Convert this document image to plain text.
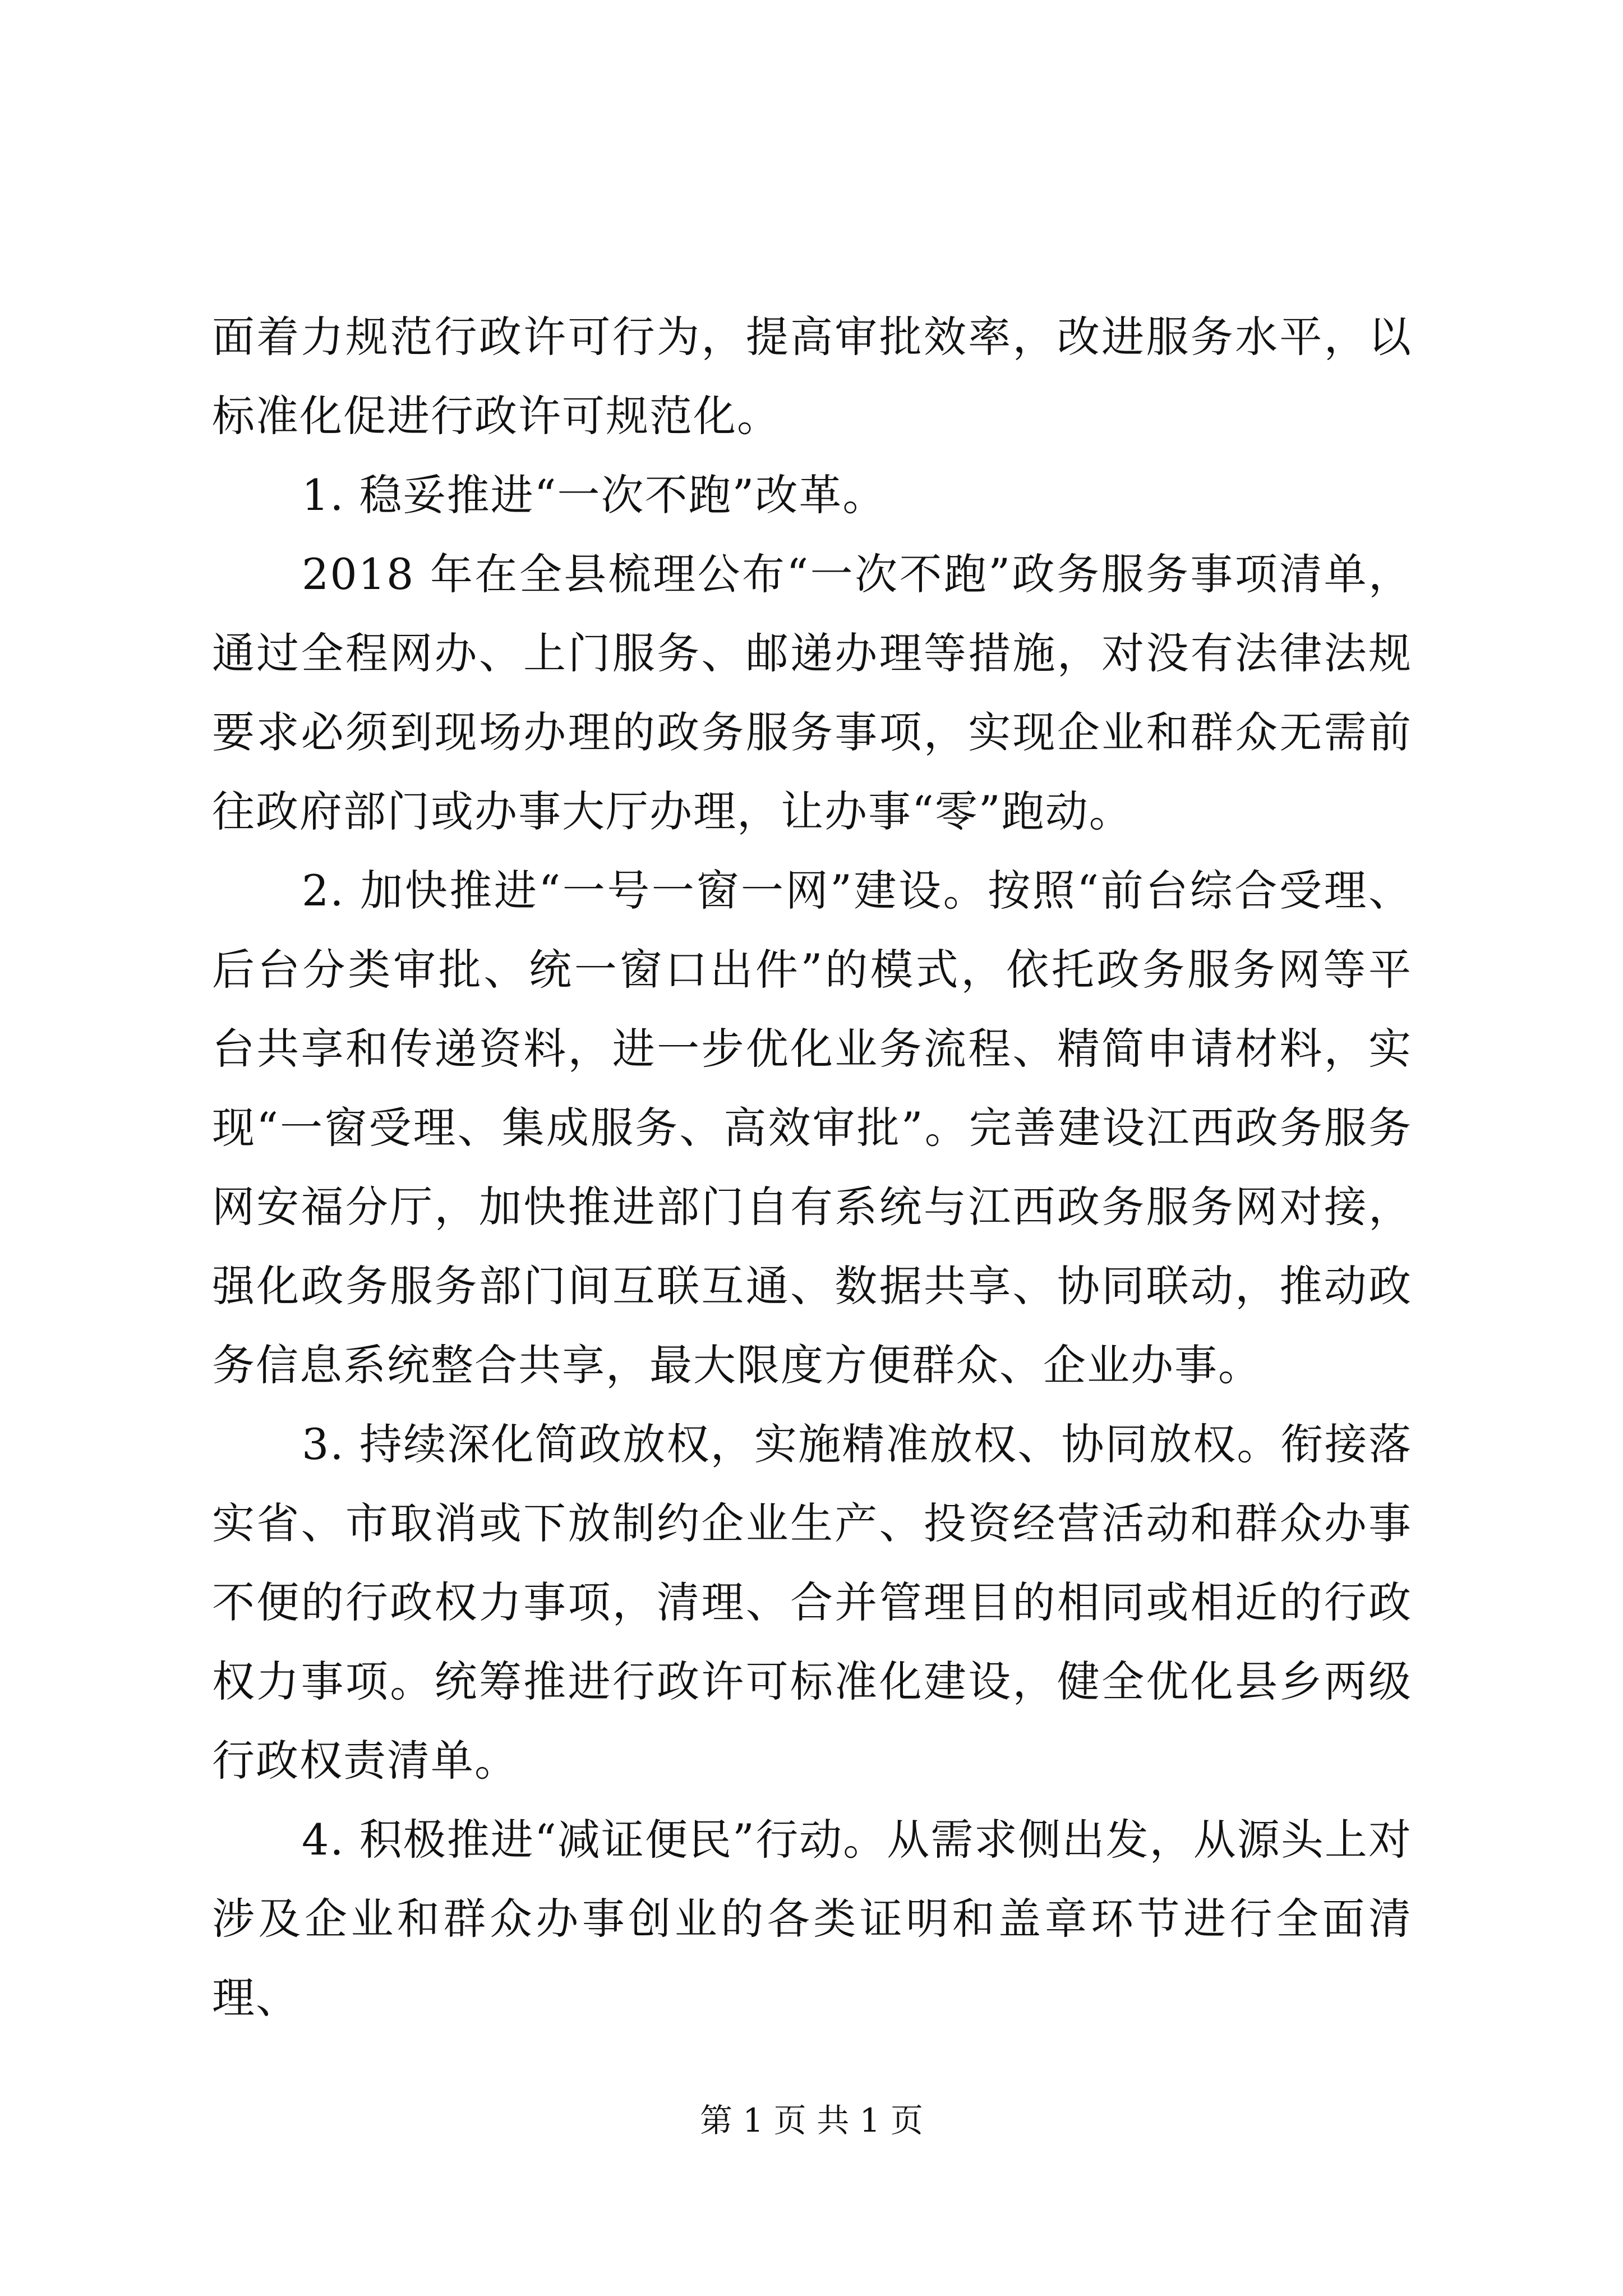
面着力规范行政许可行为，提高审批效率，改进服务水平，以标准化促进行政许可规范化。

1. 稳妥推进“一次不跑”改革。

2018 年在全县梳理公布“一次不跑”政务服务事项清单，通过全程网办、上门服务、邮递办理等措施，对没有法律法规要求必须到现场办理的政务服务事项，实现企业和群众无需前往政府部门或办事大厅办理，让办事“零”跑动。

2. 加快推进“一号一窗一网”建设。按照“前台综合受理、后台分类审批、统一窗口出件”的模式，依托政务服务网等平台共享和传递资料，进一步优化业务流程、精简申请材料，实现“一窗受理、集成服务、高效审批”。完善建设江西政务服务网安福分厅，加快推进部门自有系统与江西政务服务网对接，强化政务服务部门间互联互通、数据共享、协同联动，推动政务信息系统整合共享，最大限度方便群众、企业办事。

3. 持续深化简政放权，实施精准放权、协同放权。衔接落实省、市取消或下放制约企业生产、投资经营活动和群众办事不便的行政权力事项，清理、合并管理目的相同或相近的行政权力事项。统筹推进行政许可标准化建设，健全优化县乡两级行政权责清单。

4. 积极推进“减证便民”行动。从需求侧出发，从源头上对涉及企业和群众办事创业的各类证明和盖章环节进行全面清理、

第 1 页 共 1 页
